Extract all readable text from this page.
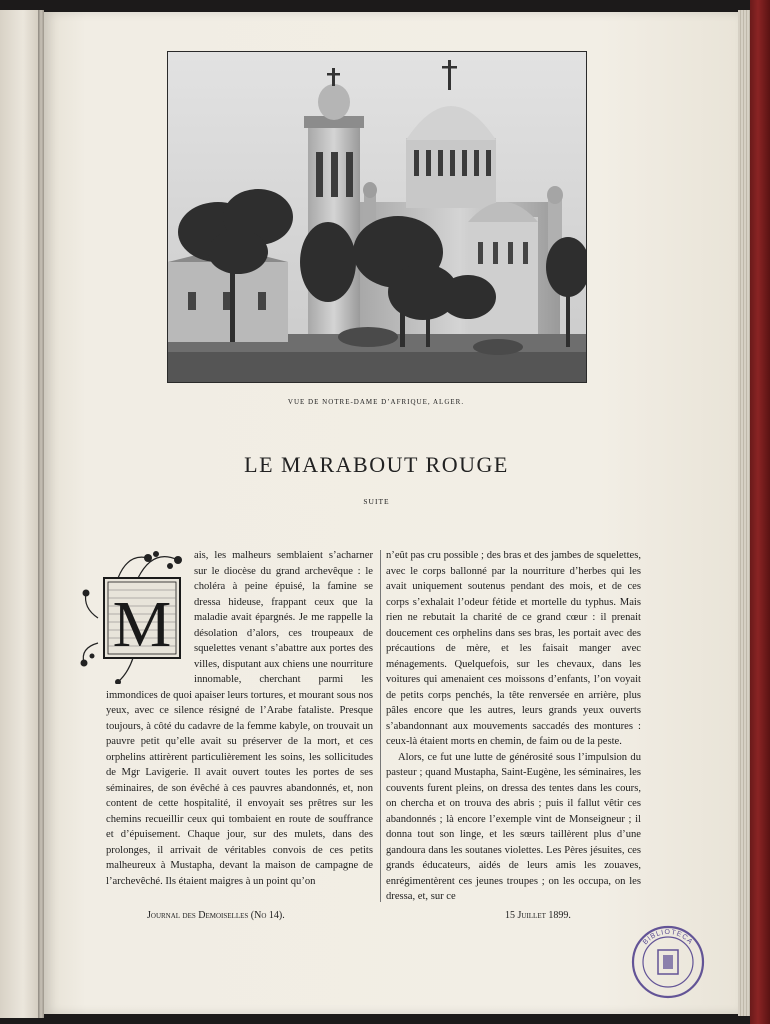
VUE DE NOTRE-DAME D’AFRIQUE, ALGER.
LE MARABOUT ROUGE
SUITE
M

ais, les malheurs semblaient s’acharner sur le diocèse du grand archevêque : le choléra à peine épuisé, la famine se dressa hideuse, frappant ceux que la maladie avait épargnés. Je me rappelle la désolation d’alors, ces troupeaux de squelettes venant s’abattre aux portes des villes, disputant aux chiens une nourriture innomable, cherchant parmi les immondices de quoi apaiser leurs tortures, et mourant sous nos yeux, avec ce silence résigné de l’Arabe fataliste. Presque toujours, à côté du cadavre de la femme kabyle, on trouvait un pauvre petit qu’elle avait su préserver de la mort, et ces orphelins attirèrent particulièrement les soins, les sollicitudes de Mgr Lavigerie. Il avait ouvert toutes les portes de ses séminaires, de son évêché à ces pauvres abandonnés, et, non content de cette hospitalité, il envoyait ses prêtres sur les chemins recueillir ceux qui tombaient en route de souffrance et d’épuisement. Chaque jour, sur des mulets, dans des prolonges, il arrivait de véritables convois de ces petits malheureux à Mustapha, devant la maison de campagne de l’archevêché. Ils étaient maigres à un point qu’on

n’eût pas cru possible ; des bras et des jambes de squelettes, avec le corps ballonné par la nourriture d’herbes qui les avait uniquement soutenus pendant des mois, et de ces corps s’exhalait l’odeur fétide et mortelle du typhus. Mais rien ne rebutait la charité de ce grand cœur : il prenait doucement ces orphelins dans ses bras, les portait avec des précautions de mère, et les faisait manger avec ménagements. Quelquefois, sur les chevaux, dans les voitures qui amenaient ces moissons d’enfants, l’on voyait de petits corps penchés, la tête renversée en arrière, plus pâles encore que les autres, leurs grands yeux ouverts s’abandonnant aux mouvements saccadés des montures : ceux-là étaient morts en chemin, de faim ou de la peste.

Alors, ce fut une lutte de générosité sous l’impulsion du pasteur ; quand Mustapha, Saint-Eugène, les séminaires, les couvents furent pleins, on dressa des tentes dans les cours, on chercha et on trouva des abris ; puis il fallut vêtir ces abandonnés ; là encore l’exemple vint de Monseigneur ; il donna tout son linge, et les sœurs taillèrent plus d’une gandoura dans les soutanes violettes. Les Pères jésuites, ces grands éducateurs, aidés de leurs amis les zouaves, enrégimentèrent ces jeunes troupes ; on les occupa, on les dressa, et, sur ce

Journal des Demoiselles (No 14).	15 Juillet 1899.
BIBLIOTECA
